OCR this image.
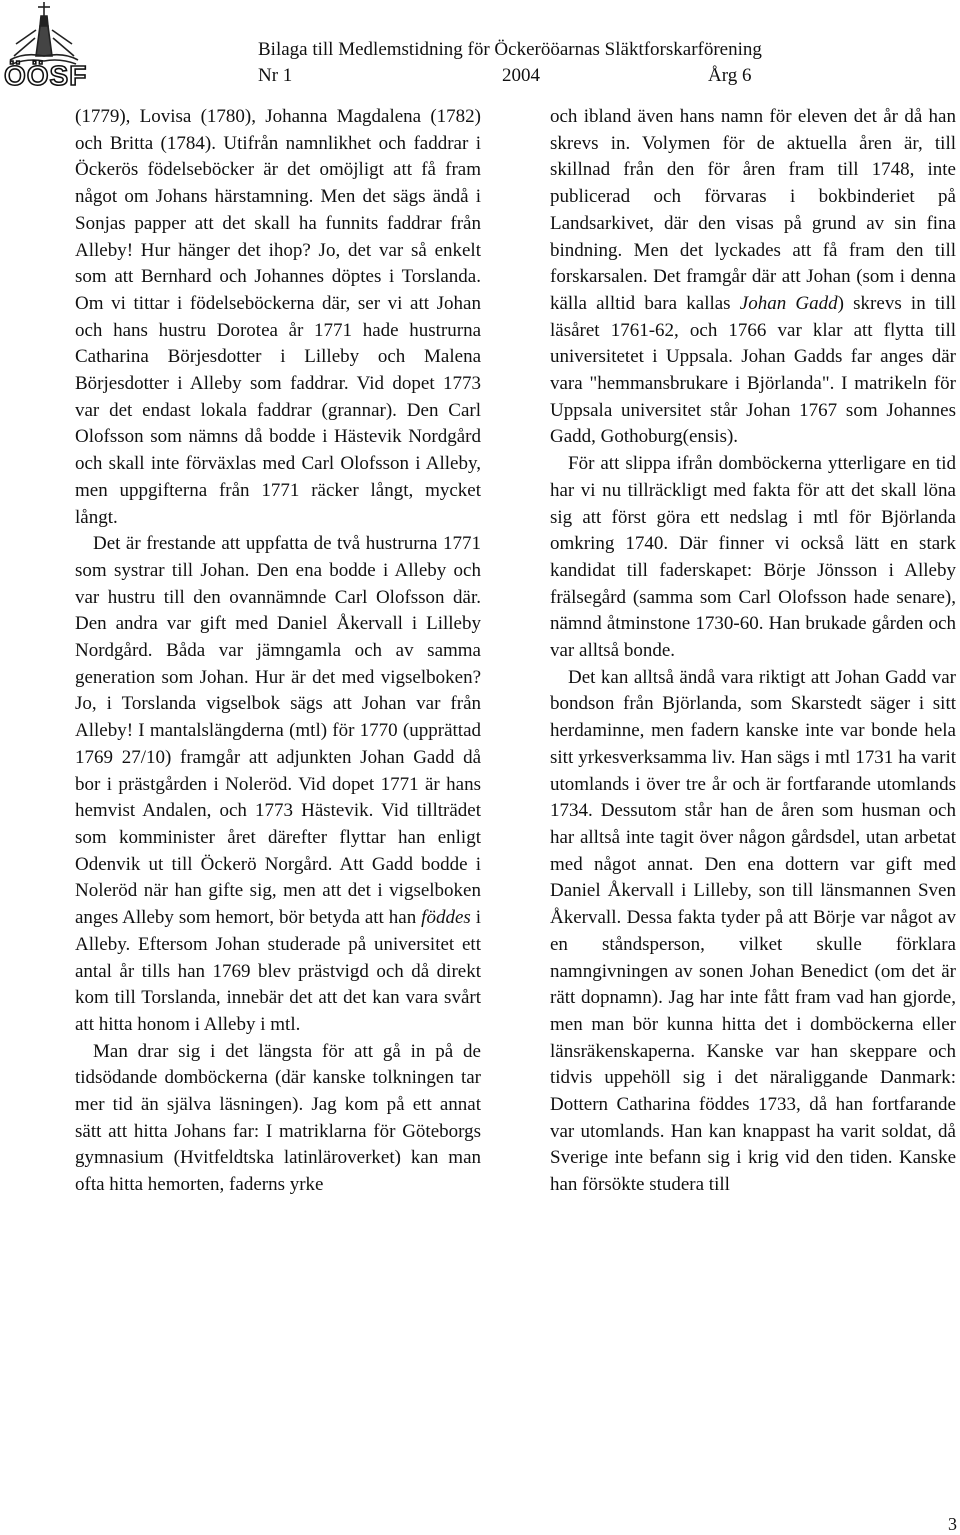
ÖÖSF
Bilaga till Medlemstidning för Öckerööarnas Släktforskarförening
Nr 1	2004	Årg 6

(1779), Lovisa (1780), Johanna Magdalena (1782) och Britta (1784). Utifrån namnlikhet och faddrar i Öckerös födelseböcker är det omöjligt att få fram något om Johans härstamning. Men det sägs ändå i Sonjas papper att det skall ha funnits faddrar från Alleby! Hur hänger det ihop? Jo, det var så enkelt som att Bernhard och Johannes döptes i Torslanda. Om vi tittar i födelseböckerna där, ser vi att Johan och hans hustru Dorotea år 1771 hade hustrurna Catharina Börjesdotter i Lilleby och Malena Börjesdotter i Alleby som faddrar. Vid dopet 1773 var det endast lokala faddrar (grannar). Den Carl Olofsson som nämns då bodde i Hästevik Nordgård och skall inte förväxlas med Carl Olofsson i Alleby, men uppgifterna från 1771 räcker långt, mycket långt.

Det är frestande att uppfatta de två hustrurna 1771 som systrar till Johan. Den ena bodde i Alleby och var hustru till den ovannämnde Carl Olofsson där. Den andra var gift med Daniel Åkervall i Lilleby Nordgård. Båda var jämngamla och av samma generation som Johan. Hur är det med vigselboken? Jo, i Torslanda vigselbok sägs att Johan var från Alleby! I mantalslängderna (mtl) för 1770 (upprättad 1769 27/10) framgår att adjunkten Johan Gadd då bor i prästgården i Noleröd. Vid dopet 1771 är hans hemvist Andalen, och 1773 Hästevik. Vid tillträdet som komminister året därefter flyttar han enligt Odenvik ut till Öckerö Norgård. Att Gadd bodde i Noleröd när han gifte sig, men att det i vigselboken anges Alleby som hemort, bör betyda att han föddes i Alleby. Eftersom Johan studerade på universitet ett antal år tills han 1769 blev prästvigd och då direkt kom till Torslanda, innebär det att det kan vara svårt att hitta honom i Alleby i mtl.

Man drar sig i det längsta för att gå in på de tidsödande domböckerna (där kanske tolkningen tar mer tid än själva läsningen). Jag kom på ett annat sätt att hitta Johans far: I matriklarna för Göteborgs gymnasium (Hvitfeldtska latinläroverket) kan man ofta hitta hemorten, faderns yrke

och ibland även hans namn för eleven det år då han skrevs in. Volymen för de aktuella åren är, till skillnad från den för åren fram till 1748, inte publicerad och förvaras i bokbinderiet på Landsarkivet, där den visas på grund av sin fina bindning. Men det lyckades att få fram den till forskarsalen. Det framgår där att Johan (som i denna källa alltid bara kallas Johan Gadd) skrevs in till läsåret 1761-62, och 1766 var klar att flytta till universitetet i Uppsala. Johan Gadds far anges där vara "hemmansbrukare i Björlanda". I matrikeln för Uppsala universitet står Johan 1767 som Johannes Gadd, Gothoburg(ensis).

För att slippa ifrån domböckerna ytterligare en tid har vi nu tillräckligt med fakta för att det skall löna sig att först göra ett nedslag i mtl för Björlanda omkring 1740. Där finner vi också lätt en stark kandidat till faderskapet: Börje Jönsson i Alleby frälsegård (samma som Carl Olofsson hade senare), nämnd åtminstone 1730-60. Han brukade gården och var alltså bonde.

Det kan alltså ändå vara riktigt att Johan Gadd var bondson från Björlanda, som Skarstedt säger i sitt herdaminne, men fadern kanske inte var bonde hela sitt yrkesverksamma liv. Han sägs i mtl 1731 ha varit utomlands i över tre år och är fortfarande utomlands 1734. Dessutom står han de åren som husman och har alltså inte tagit över någon gårdsdel, utan arbetat med något annat. Den ena dottern var gift med Daniel Åkervall i Lilleby, son till länsmannen Sven Åkervall. Dessa fakta tyder på att Börje var något av en ståndsperson, vilket skulle förklara namngivningen av sonen Johan Benedict (om det är rätt dopnamn). Jag har inte fått fram vad han gjorde, men man bör kunna hitta det i domböckerna eller länsräkenskaperna. Kanske var han skeppare och tidvis uppehöll sig i det näraliggande Danmark: Dottern Catharina föddes 1733, då han fortfarande var utomlands. Han kan knappast ha varit soldat, då Sverige inte befann sig i krig vid den tiden. Kanske han försökte studera till

3
